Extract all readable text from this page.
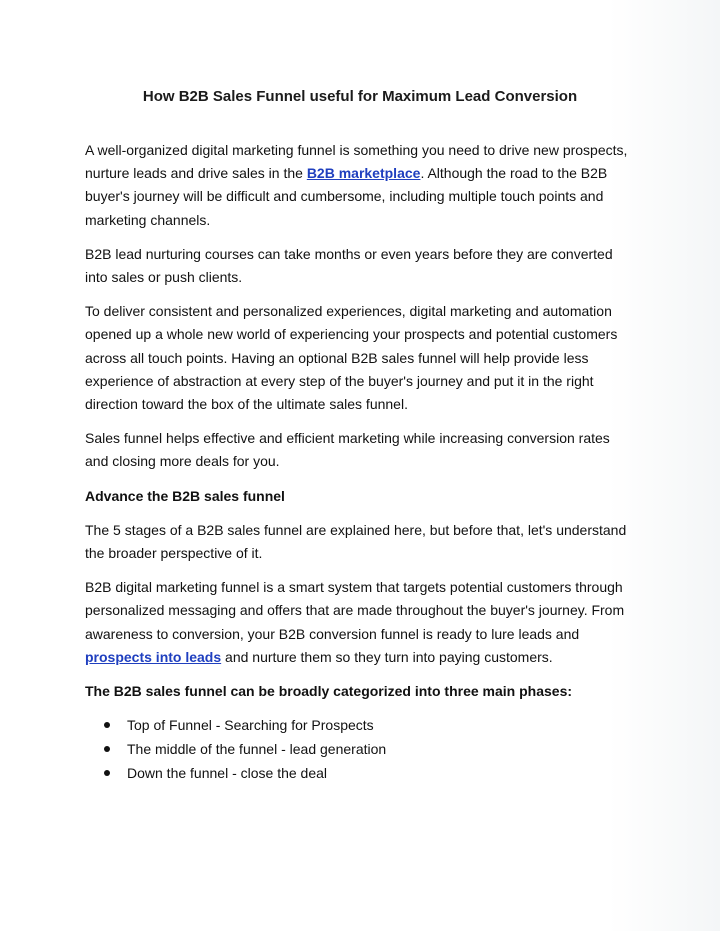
How B2B Sales Funnel useful for Maximum Lead Conversion

A well-organized digital marketing funnel is something you need to drive new prospects, nurture leads and drive sales in the B2B marketplace. Although the road to the B2B buyer's journey will be difficult and cumbersome, including multiple touch points and marketing channels.

B2B lead nurturing courses can take months or even years before they are converted into sales or push clients.

To deliver consistent and personalized experiences, digital marketing and automation opened up a whole new world of experiencing your prospects and potential customers across all touch points. Having an optional B2B sales funnel will help provide less experience of abstraction at every step of the buyer's journey and put it in the right direction toward the box of the ultimate sales funnel.

Sales funnel helps effective and efficient marketing while increasing conversion rates and closing more deals for you.

Advance the B2B sales funnel

The 5 stages of a B2B sales funnel are explained here, but before that, let's understand the broader perspective of it.

B2B digital marketing funnel is a smart system that targets potential customers through personalized messaging and offers that are made throughout the buyer's journey. From awareness to conversion, your B2B conversion funnel is ready to lure leads and prospects into leads and nurture them so they turn into paying customers.

The B2B sales funnel can be broadly categorized into three main phases:

Top of Funnel - Searching for Prospects
The middle of the funnel - lead generation
Down the funnel - close the deal
